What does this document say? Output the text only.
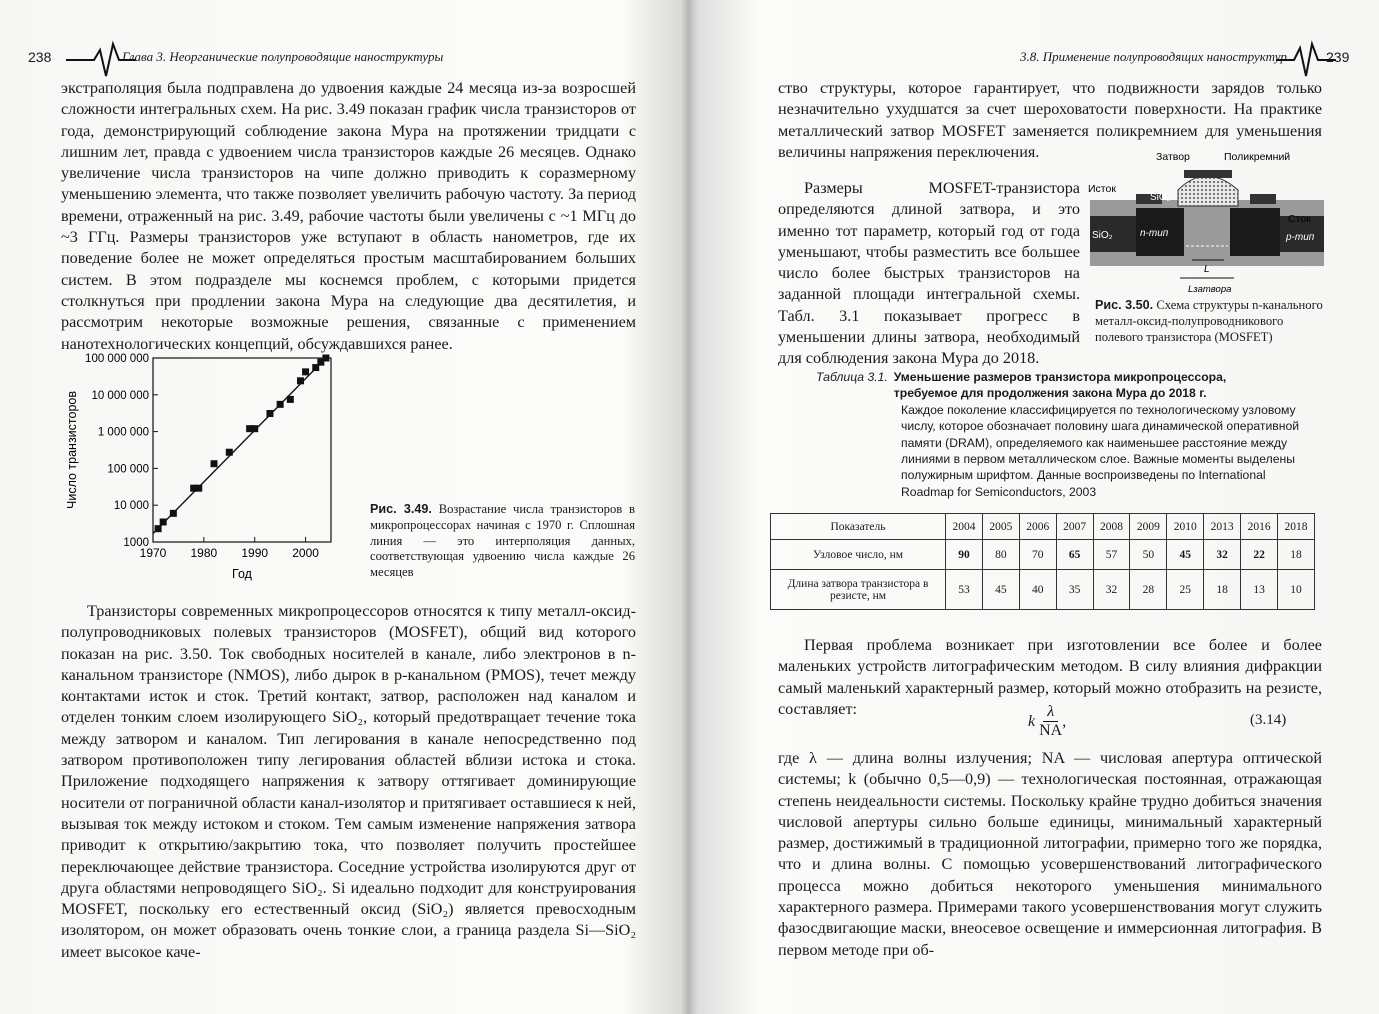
238	Глава 3. Неорганические полупроводящие наноструктуры

экстраполяция была подправлена до удвоения каждые 24 месяца из-за возросшей сложности интегральных схем. На рис. 3.49 показан график числа транзисторов от года, демонстрирующий соблюдение закона Мура на протяжении тридцати с лишним лет, правда с удвоением числа транзисторов каждые 26 месяцев. Однако увеличение числа транзисторов на чипе должно приводить к соразмерному уменьшению элемента, что также позволяет увеличить рабочую частоту. За период времени, отраженный на рис. 3.49, рабочие частоты были увеличены с ~1 МГц до ~3 ГГц. Размеры транзисторов уже вступают в область нанометров, где их поведение более не может определяться простым масштабированием больших систем. В этом подразделе мы коснемся проблем, с которыми придется столкнуться при продлении закона Мура на следующие два десятилетия, и рассмотрим некоторые возможные решения, связанные с применением нанотехнологических концепций, обсуждавшихся ранее.

1970 1980 1990 2000
1000
10 000
100 000
1 000 000
10 000 000
100 000 000
Число транзисторов
Год
Рис. 3.49. Возрастание числа транзисторов в микропроцессорах начиная с 1970 г. Сплошная линия — это интерполяция данных, соответствующая удвоению числа каждые 26 месяцев

Транзисторы современных микропроцессоров относятся к типу металл-оксид-полупроводниковых полевых транзисторов (MOSFET), общий вид которого показан на рис. 3.50. Ток свободных носителей в канале, либо электронов в n-канальном транзисторе (NMOS), либо дырок в p-канальном (PMOS), течет между контактами исток и сток. Третий контакт, затвор, расположен над каналом и отделен тонким слоем изолирующего SiO₂, который предотвращает течение тока между затвором и каналом. Тип легирования в канале непосредственно под затвором противоположен типу легирования областей вблизи истока и стока. Приложение подходящего напряжения к затвору оттягивает доминирующие носители от пограничной области канал-изолятор и притягивает оставшиеся к ней, вызывая ток между истоком и стоком. Тем самым изменение напряжения затвора приводит к открытию/закрытию тока, что позволяет получить простейшее переключающее действие транзистора. Соседние устройства изолируются друг от друга областями непроводящего SiO₂. Si идеально подходит для конструирования MOSFET, поскольку его естественный оксид (SiO₂) является превосходным изолятором, он может образовать очень тонкие слои, а граница раздела Si—SiO₂ имеет высокое каче-

3.8. Применение полупроводящих наноструктур	239

ство структуры, которое гарантирует, что подвижности зарядов только незначительно ухудшатся за счет шероховатости поверхности. На практике металлический затвор MOSFET заменяется поликремнием для уменьшения величины напряжения переключения.

Размеры MOSFET-транзистора определяются длиной затвора, и это именно тот параметр, который год от года уменьшают, чтобы разместить все большее число более быстрых транзисторов на заданной площади интегральной схемы. Табл. 3.1 показывает прогресс в уменьшении длины затвора, необходимый для соблюдения закона Мура до 2018.

Затвор	Поликремний
Исток
Сток
SiO₂
SiO₂	n-тип	p-тип
L
Lзатвора
Рис. 3.50. Схема структуры n-канального металл-оксид-полупроводникового полевого транзистора (MOSFET)
Таблица 3.1. Уменьшение размеров транзистора микропроцессора, требуемое для продолжения закона Мура до 2018 г.
Каждое поколение классифицируется по технологическому узловому числу, которое обозначает половину шага динамической оперативной памяти (DRAM), определяемого как наименьшее расстояние между линиями в первом металлическом слое. Важные моменты выделены полужирным шрифтом. Данные воспроизведены по International Roadmap for Semiconductors, 2003
Показатель	2004	2005	2006	2007	2008	2009	2010	2013	2016	2018
Узловое число, нм	90	80	70	65	57	50	45	32	22	18
Длина затвора транзистора в резисте, нм	53	45	40	35	32	28	25	18	13	10

Первая проблема возникает при изготовлении все более и более маленьких устройств литографическим методом. В силу влияния дифракции самый маленький характерный размер, который можно отобразить на резисте, составляет:

k $\frac{\lambda}{NA}$ ,	(3.14)

где λ — длина волны излучения; NA — числовая апертура оптической системы; k (обычно 0,5—0,9) — технологическая постоянная, отражающая степень неидеальности системы. Поскольку крайне трудно добиться значения числовой апертуры сильно больше единицы, минимальный характерный размер, достижимый в традиционной литографии, примерно того же порядка, что и длина волны. С помощью усовершенствований литографического процесса можно добиться некоторого уменьшения минимального характерного размера. Примерами такого усовершенствования могут служить фазосдвигающие маски, внеосевое освещение и иммерсионная литография. В первом методе при об-
